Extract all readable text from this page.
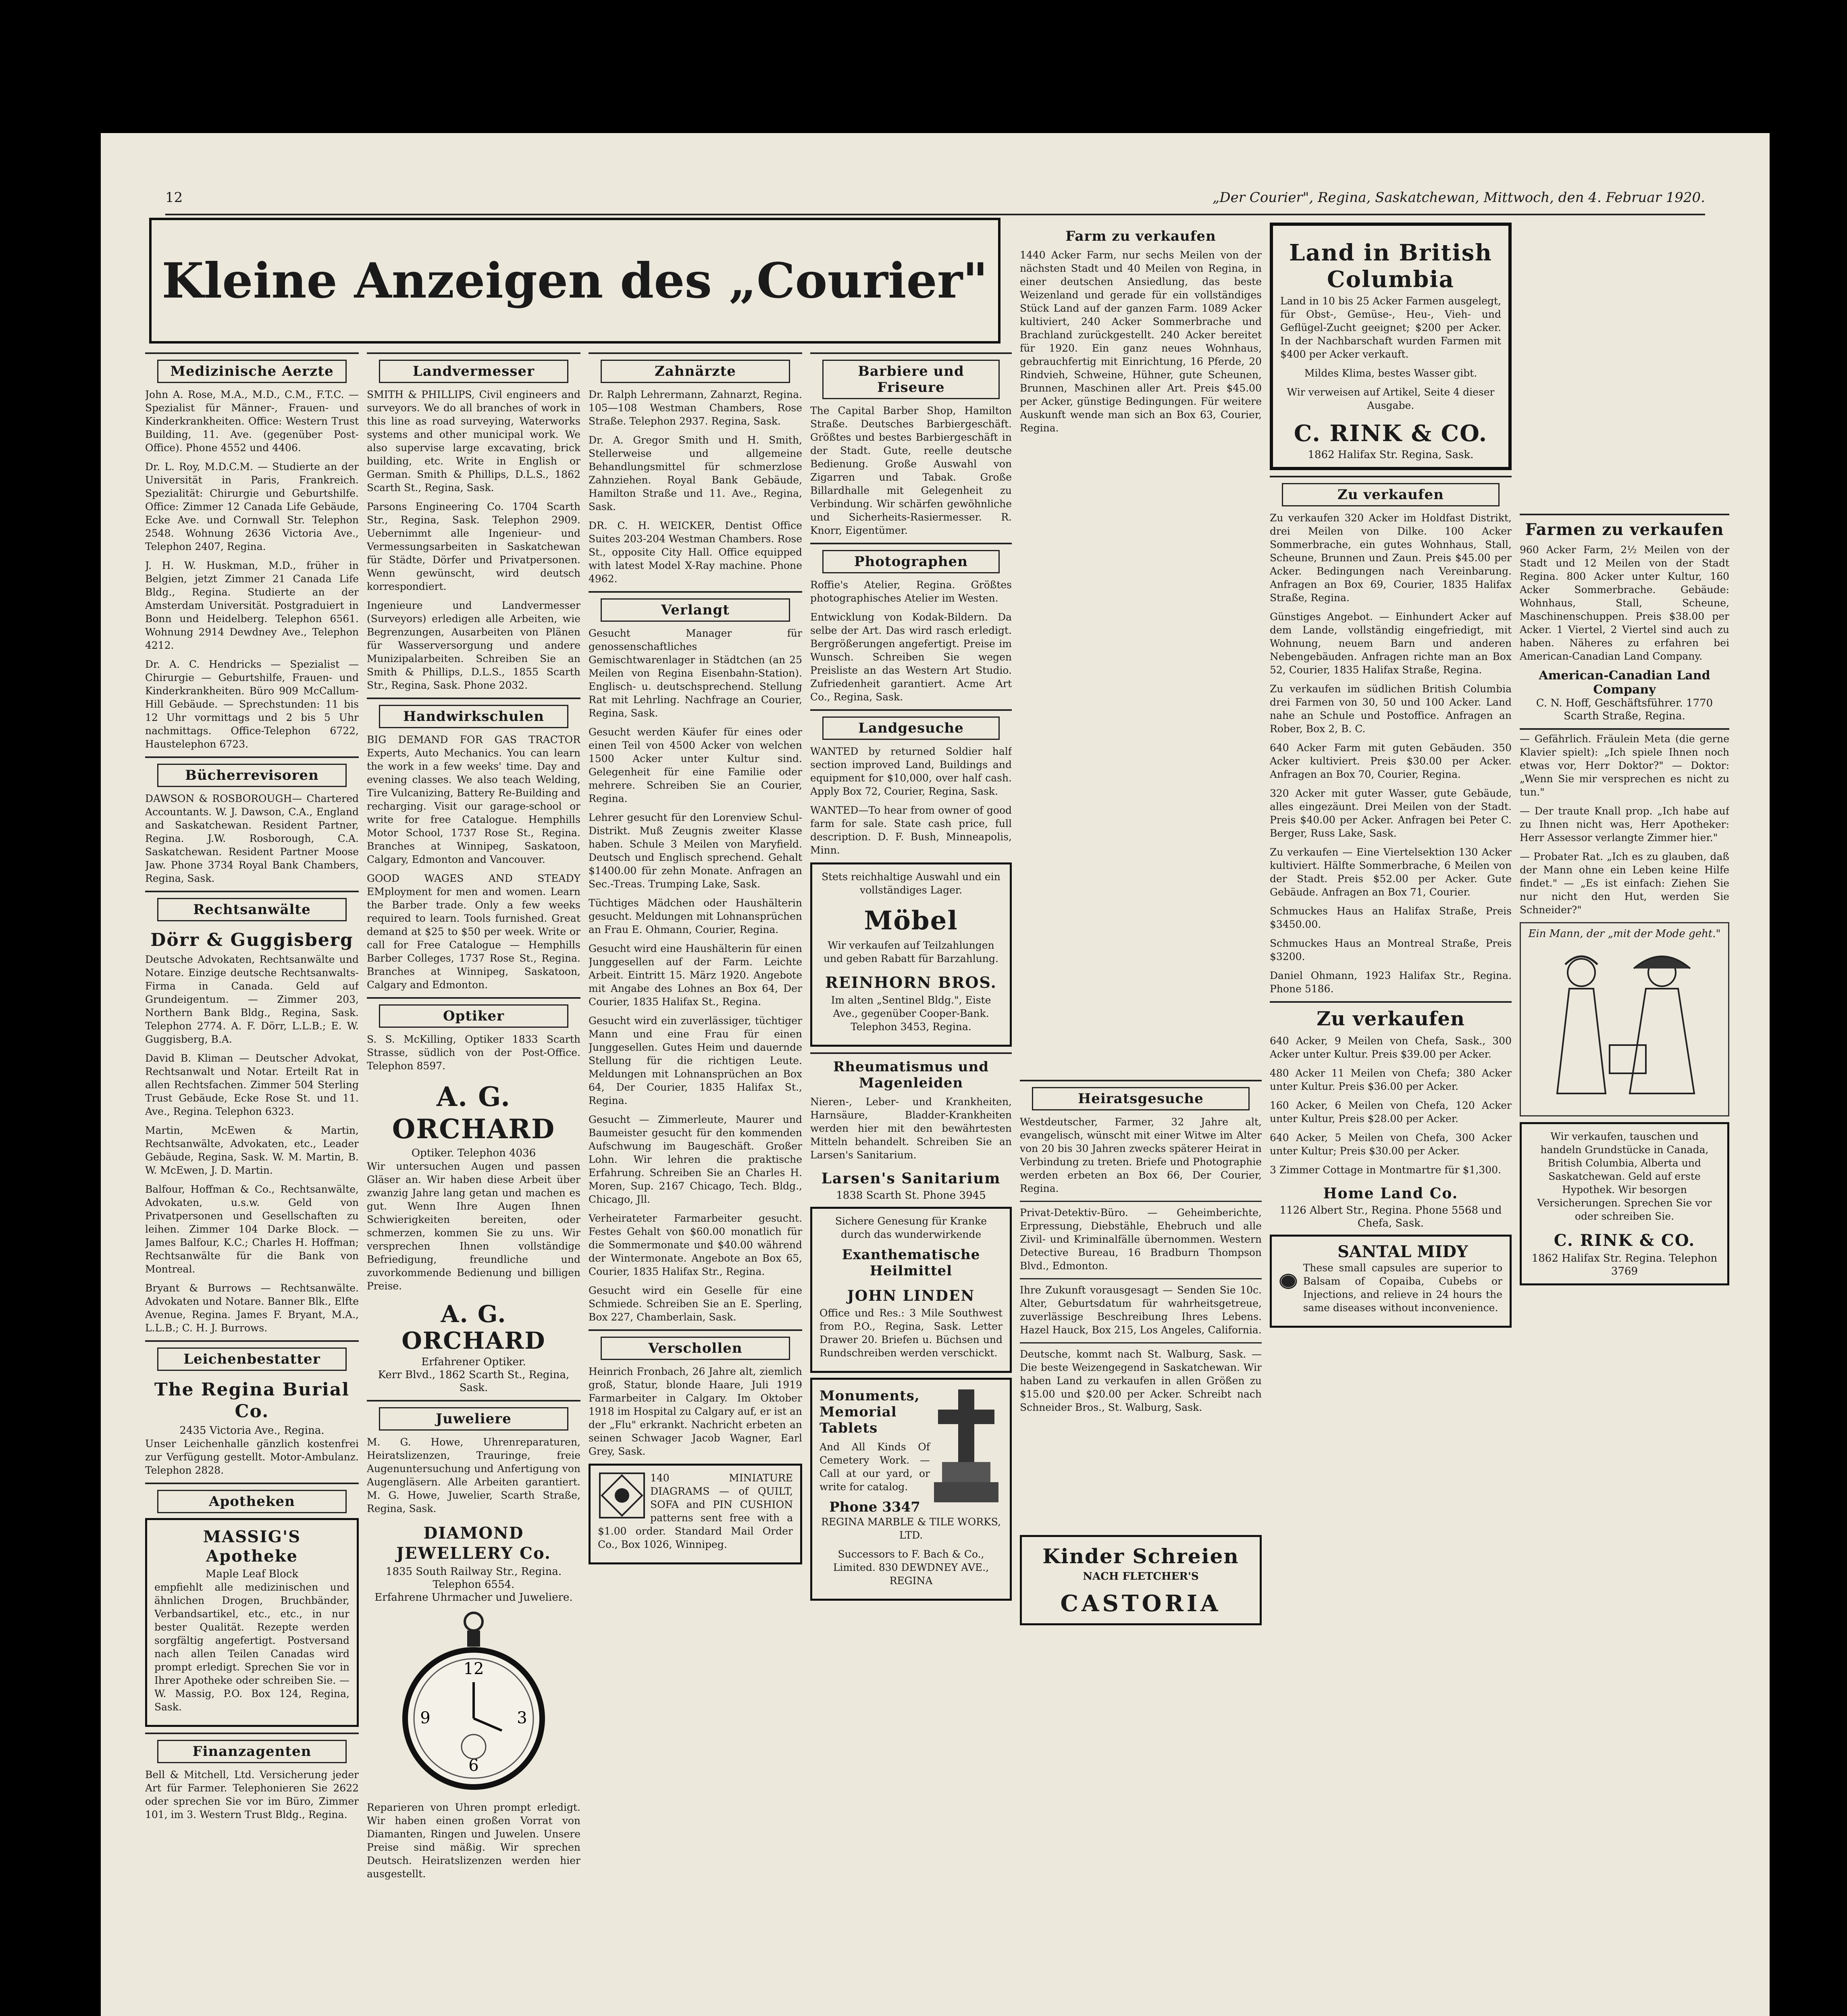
12	„Der Courier", Regina, Saskatchewan, Mittwoch, den 4. Februar 1920.
Kleine Anzeigen des „Courier"
Medizinische Aerzte

John A. Rose, M.A., M.D., C.M., F.T.C. — Spezialist für Männer-, Frauen- und Kinderkrankheiten. Office: Western Trust Building, 11. Ave. (gegenüber Post-Office). Phone 4552 und 4406.

Dr. L. Roy, M.D.C.M. — Studierte an der Universität in Paris, Frankreich. Spezialität: Chirurgie und Geburtshilfe. Office: Zimmer 12 Canada Life Gebäude, Ecke Ave. und Cornwall Str. Telephon 2548. Wohnung 2636 Victoria Ave., Telephon 2407, Regina.

J. H. W. Huskman, M.D., früher in Belgien, jetzt Zimmer 21 Canada Life Bldg., Regina. Studierte an der Amsterdam Universität. Postgraduiert in Bonn und Heidelberg. Telephon 6561. Wohnung 2914 Dewdney Ave., Telephon 4212.

Dr. A. C. Hendricks — Spezialist — Chirurgie — Geburtshilfe, Frauen- und Kinderkrankheiten. Büro 909 McCallum-Hill Gebäude. — Sprechstunden: 11 bis 12 Uhr vormittags und 2 bis 5 Uhr nachmittags. Office-Telephon 6722, Haustelephon 6723.

Bücherrevisoren

DAWSON & ROSBOROUGH— Chartered Accountants. W. J. Dawson, C.A., England and Saskatchewan. Resident Partner, Regina. J.W. Rosborough, C.A. Saskatchewan. Resident Partner Moose Jaw. Phone 3734 Royal Bank Chambers, Regina, Sask.

Rechtsanwälte
Dörr & Guggisberg

Deutsche Advokaten, Rechtsanwälte und Notare. Einzige deutsche Rechtsanwalts-Firma in Canada. Geld auf Grundeigentum. — Zimmer 203, Northern Bank Bldg., Regina, Sask. Telephon 2774. A. F. Dörr, L.L.B.; E. W. Guggisberg, B.A.

David B. Kliman — Deutscher Advokat, Rechtsanwalt und Notar. Erteilt Rat in allen Rechtsfachen. Zimmer 504 Sterling Trust Gebäude, Ecke Rose St. und 11. Ave., Regina. Telephon 6323.

Martin, McEwen & Martin, Rechtsanwälte, Advokaten, etc., Leader Gebäude, Regina, Sask. W. M. Martin, B. W. McEwen, J. D. Martin.

Balfour, Hoffman & Co., Rechtsanwälte, Advokaten, u.s.w. Geld von Privatpersonen und Gesellschaften zu leihen. Zimmer 104 Darke Block. — James Balfour, K.C.; Charles H. Hoffman; Rechtsanwälte für die Bank von Montreal.

Bryant & Burrows — Rechtsanwälte. Advokaten und Notare. Banner Blk., Elfte Avenue, Regina. James F. Bryant, M.A., L.L.B.; C. H. J. Burrows.

Leichenbestatter
The Regina Burial Co.
2435 Victoria Ave., Regina.

Unser Leichenhalle gänzlich kostenfrei zur Verfügung gestellt. Motor-Ambulanz. Telephon 2828.

Apotheken
MASSIG'S Apotheke
Maple Leaf Block

empfiehlt alle medizinischen und ähnlichen Drogen, Bruchbänder, Verbandsartikel, etc., etc., in nur bester Qualität. Rezepte werden sorgfältig angefertigt. Postversand nach allen Teilen Canadas wird prompt erledigt. Sprechen Sie vor in Ihrer Apotheke oder schreiben Sie. — W. Massig, P.O. Box 124, Regina, Sask.

Finanzagenten

Bell & Mitchell, Ltd. Versicherung jeder Art für Farmer. Telephonieren Sie 2622 oder sprechen Sie vor im Büro, Zimmer 101, im 3. Western Trust Bldg., Regina.

Landvermesser

SMITH & PHILLIPS, Civil engineers and surveyors. We do all branches of work in this line as road surveying, Waterworks systems and other municipal work. We also supervise large excavating, brick building, etc. Write in English or German. Smith & Phillips, D.L.S., 1862 Scarth St., Regina, Sask.

Parsons Engineering Co. 1704 Scarth Str., Regina, Sask. Telephon 2909. Uebernimmt alle Ingenieur- und Vermessungsarbeiten in Saskatchewan für Städte, Dörfer und Privatpersonen. Wenn gewünscht, wird deutsch korrespondiert.

Ingenieure und Landvermesser (Surveyors) erledigen alle Arbeiten, wie Begrenzungen, Ausarbeiten von Plänen für Wasserversorgung und andere Munizipalarbeiten. Schreiben Sie an Smith & Phillips, D.L.S., 1855 Scarth Str., Regina, Sask. Phone 2032.

Handwirkschulen

BIG DEMAND FOR GAS TRACTOR Experts, Auto Mechanics. You can learn the work in a few weeks' time. Day and evening classes. We also teach Welding, Tire Vulcanizing, Battery Re-Building and recharging. Visit our garage-school or write for free Catalogue. Hemphills Motor School, 1737 Rose St., Regina. Branches at Winnipeg, Saskatoon, Calgary, Edmonton and Vancouver.

GOOD WAGES AND STEADY EMployment for men and women. Learn the Barber trade. Only a few weeks required to learn. Tools furnished. Great demand at $25 to $50 per week. Write or call for Free Catalogue — Hemphills Barber Colleges, 1737 Rose St., Regina. Branches at Winnipeg, Saskatoon, Calgary and Edmonton.

Optiker

S. S. McKilling, Optiker 1833 Scarth Strasse, südlich von der Post-Office. Telephon 8597.

A. G. ORCHARD
Optiker. Telephon 4036

Wir untersuchen Augen und passen Gläser an. Wir haben diese Arbeit über zwanzig Jahre lang getan und machen es gut. Wenn Ihre Augen Ihnen Schwierigkeiten bereiten, oder schmerzen, kommen Sie zu uns. Wir versprechen Ihnen vollständige Befriedigung, freundliche und zuvorkommende Bedienung und billigen Preise.

A. G. ORCHARD
Erfahrener Optiker.
Kerr Blvd., 1862 Scarth St., Regina, Sask.
Juweliere

M. G. Howe, Uhrenreparaturen, Heiratslizenzen, Trauringe, freie Augenuntersuchung und Anfertigung von Augengläsern. Alle Arbeiten garantiert. M. G. Howe, Juwelier, Scarth Straße, Regina, Sask.

DIAMOND JEWELLERY Co.
1835 South Railway Str., Regina. Telephon 6554.
Erfahrene Uhrmacher und Juweliere.
12
3
6
9

Reparieren von Uhren prompt erledigt. Wir haben einen großen Vorrat von Diamanten, Ringen und Juwelen. Unsere Preise sind mäßig. Wir sprechen Deutsch. Heiratslizenzen werden hier ausgestellt.

Zahnärzte

Dr. Ralph Lehrermann, Zahnarzt, Regina. 105—108 Westman Chambers, Rose Straße. Telephon 2937. Regina, Sask.

Dr. A. Gregor Smith und H. Smith, Stellerweise und allgemeine Behandlungsmittel für schmerzlose Zahnziehen. Royal Bank Gebäude, Hamilton Straße und 11. Ave., Regina, Sask.

DR. C. H. WEICKER, Dentist Office Suites 203-204 Westman Chambers. Rose St., opposite City Hall. Office equipped with latest Model X-Ray machine. Phone 4962.

Verlangt

Gesucht Manager für genossenschaftliches Gemischtwarenlager in Städtchen (an 25 Meilen von Regina Eisenbahn-Station). Englisch- u. deutschsprechend. Stellung Rat mit Lehrling. Nachfrage an Courier, Regina, Sask.

Gesucht werden Käufer für eines oder einen Teil von 4500 Acker von welchen 1500 Acker unter Kultur sind. Gelegenheit für eine Familie oder mehrere. Schreiben Sie an Courier, Regina.

Lehrer gesucht für den Lorenview Schul-Distrikt. Muß Zeugnis zweiter Klasse haben. Schule 3 Meilen von Maryfield. Deutsch und Englisch sprechend. Gehalt $1400.00 für zehn Monate. Anfragen an Sec.-Treas. Trumping Lake, Sask.

Tüchtiges Mädchen oder Haushälterin gesucht. Meldungen mit Lohnansprüchen an Frau E. Ohmann, Courier, Regina.

Gesucht wird eine Haushälterin für einen Junggesellen auf der Farm. Leichte Arbeit. Eintritt 15. März 1920. Angebote mit Angabe des Lohnes an Box 64, Der Courier, 1835 Halifax St., Regina.

Gesucht wird ein zuverlässiger, tüchtiger Mann und eine Frau für einen Junggesellen. Gutes Heim und dauernde Stellung für die richtigen Leute. Meldungen mit Lohnansprüchen an Box 64, Der Courier, 1835 Halifax St., Regina.

Gesucht — Zimmerleute, Maurer und Baumeister gesucht für den kommenden Aufschwung im Baugeschäft. Großer Lohn. Wir lehren die praktische Erfahrung. Schreiben Sie an Charles H. Moren, Sup. 2167 Chicago, Tech. Bldg., Chicago, Jll.

Verheirateter Farmarbeiter gesucht. Festes Gehalt von $60.00 monatlich für die Sommermonate und $40.00 während der Wintermonate. Angebote an Box 65, Courier, 1835 Halifax Str., Regina.

Gesucht wird ein Geselle für eine Schmiede. Schreiben Sie an E. Sperling, Box 227, Chamberlain, Sask.

Verschollen

Heinrich Fronbach, 26 Jahre alt, ziemlich groß, Statur, blonde Haare, Juli 1919 Farmarbeiter in Calgary. Im Oktober 1918 im Hospital zu Calgary auf, er ist an der „Flu" erkrankt. Nachricht erbeten an seinen Schwager Jacob Wagner, Earl Grey, Sask.

140 MINIATURE DIAGRAMS — of QUILT, SOFA and PIN CUSHION patterns sent free with a $1.00 order. Standard Mail Order Co., Box 1026, Winnipeg.

Barbiere und Friseure

The Capital Barber Shop, Hamilton Straße. Deutsches Barbiergeschäft. Größtes und bestes Barbiergeschäft in der Stadt. Gute, reelle deutsche Bedienung. Große Auswahl von Zigarren und Tabak. Große Billardhalle mit Gelegenheit zu Verbindung. Wir schärfen gewöhnliche und Sicherheits-Rasiermesser. R. Knorr, Eigentümer.

Photographen

Roffie's Atelier, Regina. Größtes photographisches Atelier im Westen.

Entwicklung von Kodak-Bildern. Da selbe der Art. Das wird rasch erledigt. Bergrößerungen angefertigt. Preise im Wunsch. Schreiben Sie wegen Preisliste an das Western Art Studio. Zufriedenheit garantiert. Acme Art Co., Regina, Sask.

Landgesuche

WANTED by returned Soldier half section improved Land, Buildings and equipment for $10,000, over half cash. Apply Box 72, Courier, Regina, Sask.

WANTED—To hear from owner of good farm for sale. State cash price, full description. D. F. Bush, Minneapolis, Minn.

Stets reichhaltige Auswahl und ein vollständiges Lager.

Möbel

Wir verkaufen auf Teilzahlungen und geben Rabatt für Barzahlung.

REINHORN BROS.

Im alten „Sentinel Bldg.", Eiste Ave., gegenüber Cooper-Bank. Telephon 3453, Regina.

Rheumatismus und Magenleiden

Nieren-, Leber- und Krankheiten, Harnsäure, Bladder-Krankheiten werden hier mit den bewährtesten Mitteln behandelt. Schreiben Sie an Larsen's Sanitarium.

Larsen's Sanitarium
1838 Scarth St. Phone 3945

Sichere Genesung für Kranke durch das wunderwirkende

Exanthematische Heilmittel
JOHN LINDEN

Office und Res.: 3 Mile Southwest from P.O., Regina, Sask. Letter Drawer 20. Briefen u. Büchsen und Rundschreiben werden verschickt.

Monuments, Memorial Tablets

And All Kinds Of Cemetery Work. — Call at our yard, or write for catalog.

Phone 3347

REGINA MARBLE & TILE WORKS, LTD.

Successors to F. Bach & Co., Limited. 830 DEWDNEY AVE., REGINA

Farm zu verkaufen

1440 Acker Farm, nur sechs Meilen von der nächsten Stadt und 40 Meilen von Regina, in einer deutschen Ansiedlung, das beste Weizenland und gerade für ein vollständiges Stück Land auf der ganzen Farm. 1089 Acker kultiviert, 240 Acker Sommerbrache und Brachland zurückgestellt. 240 Acker bereitet für 1920. Ein ganz neues Wohnhaus, gebrauchfertig mit Einrichtung, 16 Pferde, 20 Rindvieh, Schweine, Hühner, gute Scheunen, Brunnen, Maschinen aller Art. Preis $45.00 per Acker, günstige Bedingungen. Für weitere Auskunft wende man sich an Box 63, Courier, Regina.

Heiratsgesuche

Westdeutscher, Farmer, 32 Jahre alt, evangelisch, wünscht mit einer Witwe im Alter von 20 bis 30 Jahren zwecks späterer Heirat in Verbindung zu treten. Briefe und Photographie werden erbeten an Box 66, Der Courier, Regina.

Privat-Detektiv-Büro. — Geheimberichte, Erpressung, Diebstähle, Ehebruch und alle Zivil- und Kriminalfälle übernommen. Western Detective Bureau, 16 Bradburn Thompson Blvd., Edmonton.

Ihre Zukunft vorausgesagt — Senden Sie 10c. Alter, Geburtsdatum für wahrheitsgetreue, zuverlässige Beschreibung Ihres Lebens. Hazel Hauck, Box 215, Los Angeles, California.

Deutsche, kommt nach St. Walburg, Sask. — Die beste Weizengegend in Saskatchewan. Wir haben Land zu verkaufen in allen Größen zu $15.00 und $20.00 per Acker. Schreibt nach Schneider Bros., St. Walburg, Sask.

Kinder Schreien
NACH FLETCHER'S
CASTORIA
Land in British Columbia

Land in 10 bis 25 Acker Farmen ausgelegt, für Obst-, Gemüse-, Heu-, Vieh- und Geflügel-Zucht geeignet; $200 per Acker. In der Nachbarschaft wurden Farmen mit $400 per Acker verkauft.

Mildes Klima, bestes Wasser gibt.

Wir verweisen auf Artikel, Seite 4 dieser Ausgabe.

C. RINK & CO.
1862 Halifax Str. Regina, Sask.
Zu verkaufen

Zu verkaufen 320 Acker im Holdfast Distrikt, drei Meilen von Dilke. 100 Acker Sommerbrache, ein gutes Wohnhaus, Stall, Scheune, Brunnen und Zaun. Preis $45.00 per Acker. Bedingungen nach Vereinbarung. Anfragen an Box 69, Courier, 1835 Halifax Straße, Regina.

Günstiges Angebot. — Einhundert Acker auf dem Lande, vollständig eingefriedigt, mit Wohnung, neuem Barn und anderen Nebengebäuden. Anfragen richte man an Box 52, Courier, 1835 Halifax Straße, Regina.

Zu verkaufen im südlichen British Columbia drei Farmen von 30, 50 und 100 Acker. Land nahe an Schule und Postoffice. Anfragen an Rober, Box 2, B. C.

640 Acker Farm mit guten Gebäuden. 350 Acker kultiviert. Preis $30.00 per Acker. Anfragen an Box 70, Courier, Regina.

320 Acker mit guter Wasser, gute Gebäude, alles eingezäunt. Drei Meilen von der Stadt. Preis $40.00 per Acker. Anfragen bei Peter C. Berger, Russ Lake, Sask.

Zu verkaufen — Eine Viertelsektion 130 Acker kultiviert. Hälfte Sommerbrache, 6 Meilen von der Stadt. Preis $52.00 per Acker. Gute Gebäude. Anfragen an Box 71, Courier.

Schmuckes Haus an Halifax Straße, Preis $3450.00.

Schmuckes Haus an Montreal Straße, Preis $3200.

Daniel Ohmann, 1923 Halifax Str., Regina. Phone 5186.

Zu verkaufen

640 Acker, 9 Meilen von Chefa, Sask., 300 Acker unter Kultur. Preis $39.00 per Acker.

480 Acker 11 Meilen von Chefa; 380 Acker unter Kultur. Preis $36.00 per Acker.

160 Acker, 6 Meilen von Chefa, 120 Acker unter Kultur, Preis $28.00 per Acker.

640 Acker, 5 Meilen von Chefa, 300 Acker unter Kultur; Preis $30.00 per Acker.

3 Zimmer Cottage in Montmartre für $1,300.

Home Land Co.
1126 Albert Str., Regina. Phone 5568 und Chefa, Sask.
SANTAL MIDY

These small capsules are superior to Balsam of Copaiba, Cubebs or Injections, and relieve in 24 hours the same diseases without inconvenience.

Farmen zu verkaufen

960 Acker Farm, 2½ Meilen von der Stadt und 12 Meilen von der Stadt Regina. 800 Acker unter Kultur, 160 Acker Sommerbrache. Gebäude: Wohnhaus, Stall, Scheune, Maschinenschuppen. Preis $38.00 per Acker. 1 Viertel, 2 Viertel sind auch zu haben. Näheres zu erfahren bei American-Canadian Land Company.

American-Canadian Land Company
C. N. Hoff, Geschäftsführer. 1770 Scarth Straße, Regina.

— Gefährlich. Fräulein Meta (die gerne Klavier spielt): „Ich spiele Ihnen noch etwas vor, Herr Doktor?" — Doktor: „Wenn Sie mir versprechen es nicht zu tun."

— Der traute Knall prop. „Ich habe auf zu Ihnen nicht was, Herr Apotheker: Herr Assessor verlangte Zimmer hier."

— Probater Rat. „Ich es zu glauben, daß der Mann ohne ein Leben keine Hilfe findet." — „Es ist einfach: Ziehen Sie nur nicht den Hut, werden Sie Schneider?"

Ein Mann, der „mit der Mode geht."

Wir verkaufen, tauschen und handeln Grundstücke in Canada, British Columbia, Alberta und Saskatchewan. Geld auf erste Hypothek. Wir besorgen Versicherungen. Sprechen Sie vor oder schreiben Sie.

C. RINK & CO.
1862 Halifax Str. Regina. Telephon 3769
